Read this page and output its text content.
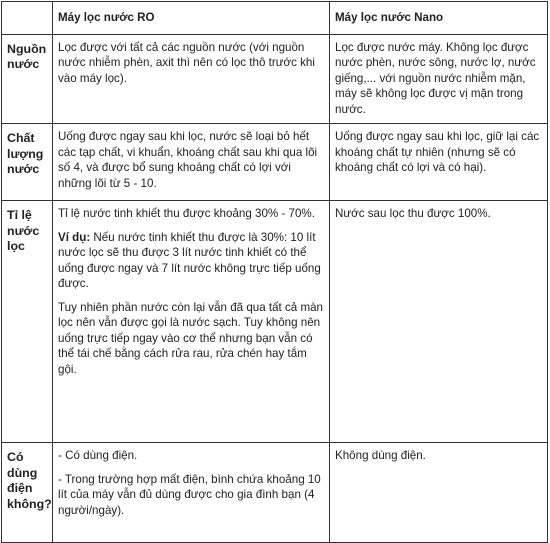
	Máy lọc nước RO	Máy lọc nước Nano
Nguồn nước	Lọc được với tất cả các nguồn nước (với nguồn nước nhiễm phèn, axit thì nên có lọc thô trước khi vào máy lọc).	Lọc được nước máy. Không lọc được nước phèn, nước sông, nước lợ, nước giếng,... với nguồn nước nhiễm mặn, máy sẽ không lọc được vị mặn trong nước.
Chất lượng nước	Uống được ngay sau khi lọc, nước sẽ loại bỏ hết các tạp chất, vi khuẩn, khoáng chất sau khi qua lõi số 4, và được bổ sung khoáng chất có lợi với những lõi từ 5 - 10.	Uống được ngay sau khi lọc, giữ lại các khoáng chất tự nhiên (nhưng sẽ có khoáng chất có lợi và có hại).
Tỉ lệ nước lọc	Tỉ lệ nước tinh khiết thu được khoảng 30% - 70%.

Ví dụ: Nếu nước tinh khiết thu được là 30%: 10 lít nước lọc sẽ thu được 3 lít nước tinh khiết có thể uống được ngay và 7 lít nước không trực tiếp uống được.

Tuy nhiên phần nước còn lại vẫn đã qua tất cả màn lọc nên vẫn được gọi là nước sạch. Tuy không nên uống trực tiếp ngay vào cơ thể nhưng bạn vẫn có thể tái chế bằng cách rửa rau, rửa chén hay tắm gội.	Nước sau lọc thu được 100%.
Có dùng điện không?	- Có dùng điện.

- Trong trường hợp mất điện, bình chứa khoảng 10 lít của máy vẫn đủ dùng được cho gia đình bạn (4 người/ngày).	Không dùng điện.
